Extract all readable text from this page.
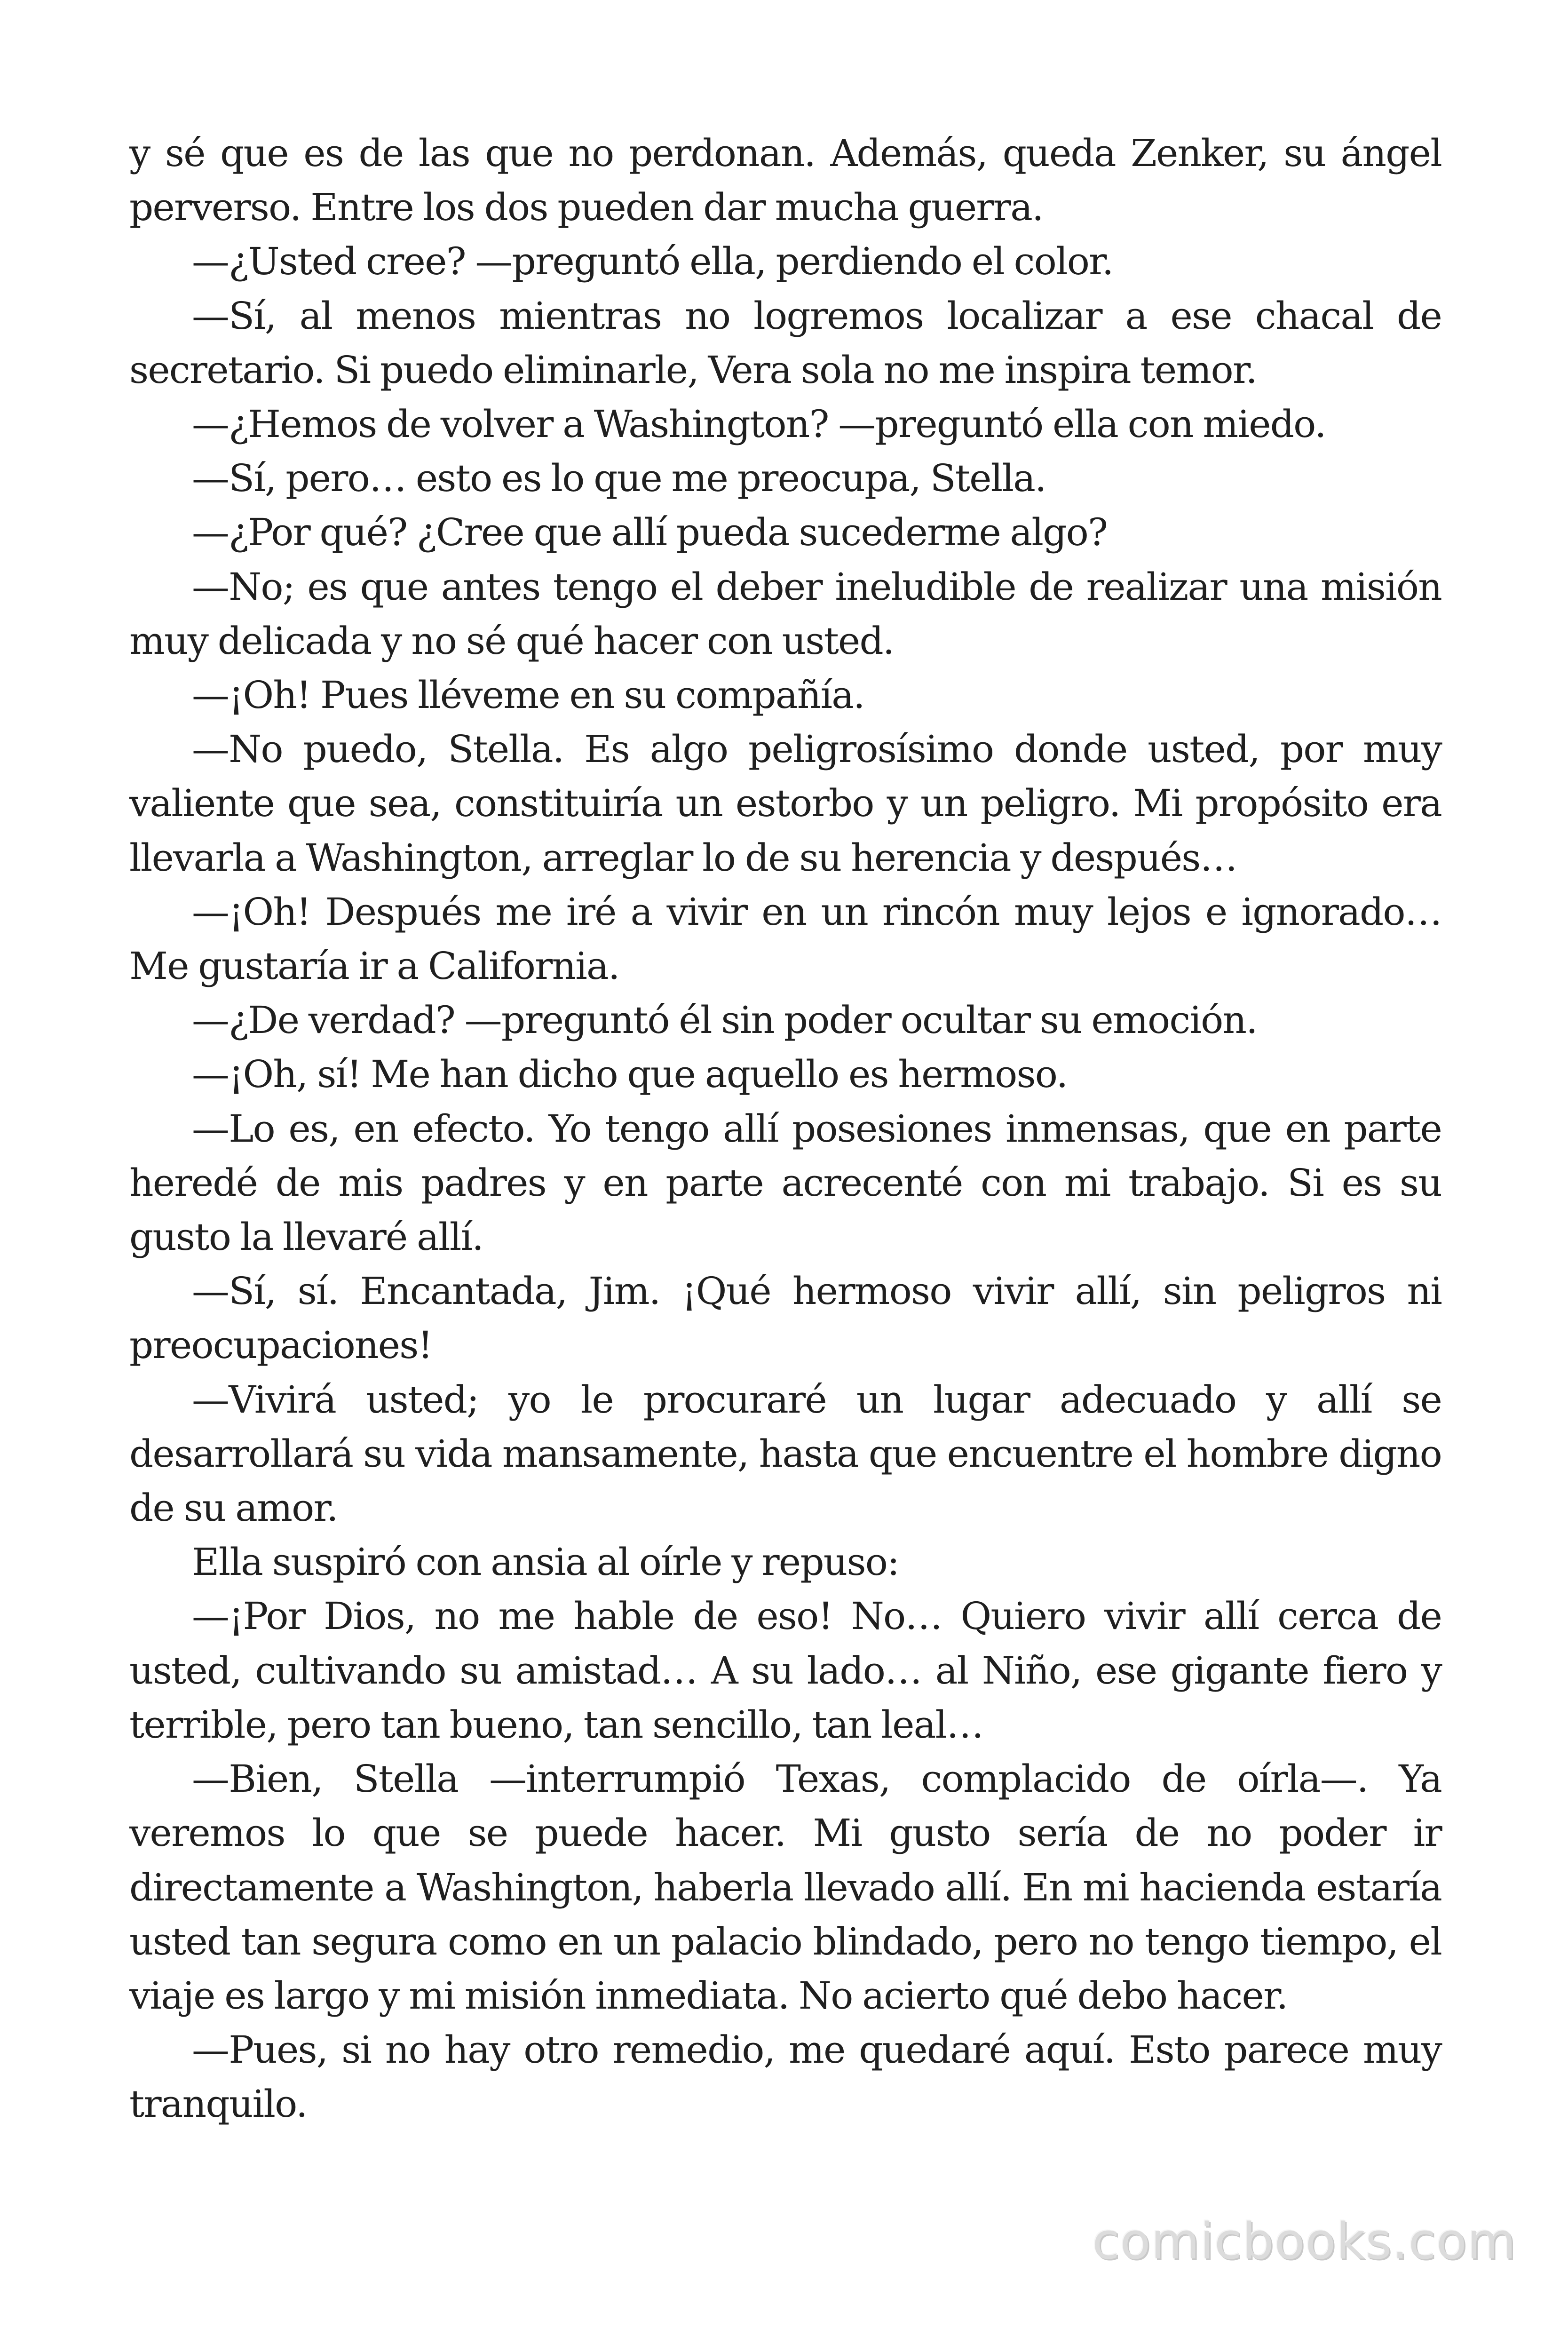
y sé que es de las que no perdonan. Además, queda Zenker, su ángel perverso. Entre los dos pueden dar mucha guerra.

—¿Usted cree? —preguntó ella, perdiendo el color.

—Sí, al menos mientras no logremos localizar a ese chacal de secretario. Si puedo eliminarle, Vera sola no me inspira temor.

—¿Hemos de volver a Washington? —preguntó ella con miedo.

—Sí, pero… esto es lo que me preocupa, Stella.

—¿Por qué? ¿Cree que allí pueda sucederme algo?

—No; es que antes tengo el deber ineludible de realizar una misión muy delicada y no sé qué hacer con usted.

—¡Oh! Pues lléveme en su compañía.

—No puedo, Stella. Es algo peligrosísimo donde usted, por muy valiente que sea, constituiría un estorbo y un peligro. Mi propósito era llevarla a Washington, arreglar lo de su herencia y después…

—¡Oh! Después me iré a vivir en un rincón muy lejos e ignorado… Me gustaría ir a California.

—¿De verdad? —preguntó él sin poder ocultar su emoción.

—¡Oh, sí! Me han dicho que aquello es hermoso.

—Lo es, en efecto. Yo tengo allí posesiones inmensas, que en parte heredé de mis padres y en parte acrecenté con mi trabajo. Si es su gusto la llevaré allí.

—Sí, sí. Encantada, Jim. ¡Qué hermoso vivir allí, sin peligros ni preocupaciones!

—Vivirá usted; yo le procuraré un lugar adecuado y allí se desarrollará su vida mansamente, hasta que encuentre el hombre digno de su amor.

Ella suspiró con ansia al oírle y repuso:

—¡Por Dios, no me hable de eso! No… Quiero vivir allí cerca de usted, cultivando su amistad… A su lado… al Niño, ese gigante fiero y terrible, pero tan bueno, tan sencillo, tan leal…

—Bien, Stella —interrumpió Texas, complacido de oírla—. Ya veremos lo que se puede hacer. Mi gusto sería de no poder ir directamente a Washington, haberla llevado allí. En mi hacienda estaría usted tan segura como en un palacio blindado, pero no tengo tiempo, el viaje es largo y mi misión inmediata. No acierto qué debo hacer.

—Pues, si no hay otro remedio, me quedaré aquí. Esto parece muy tranquilo.

comicbooks.com
